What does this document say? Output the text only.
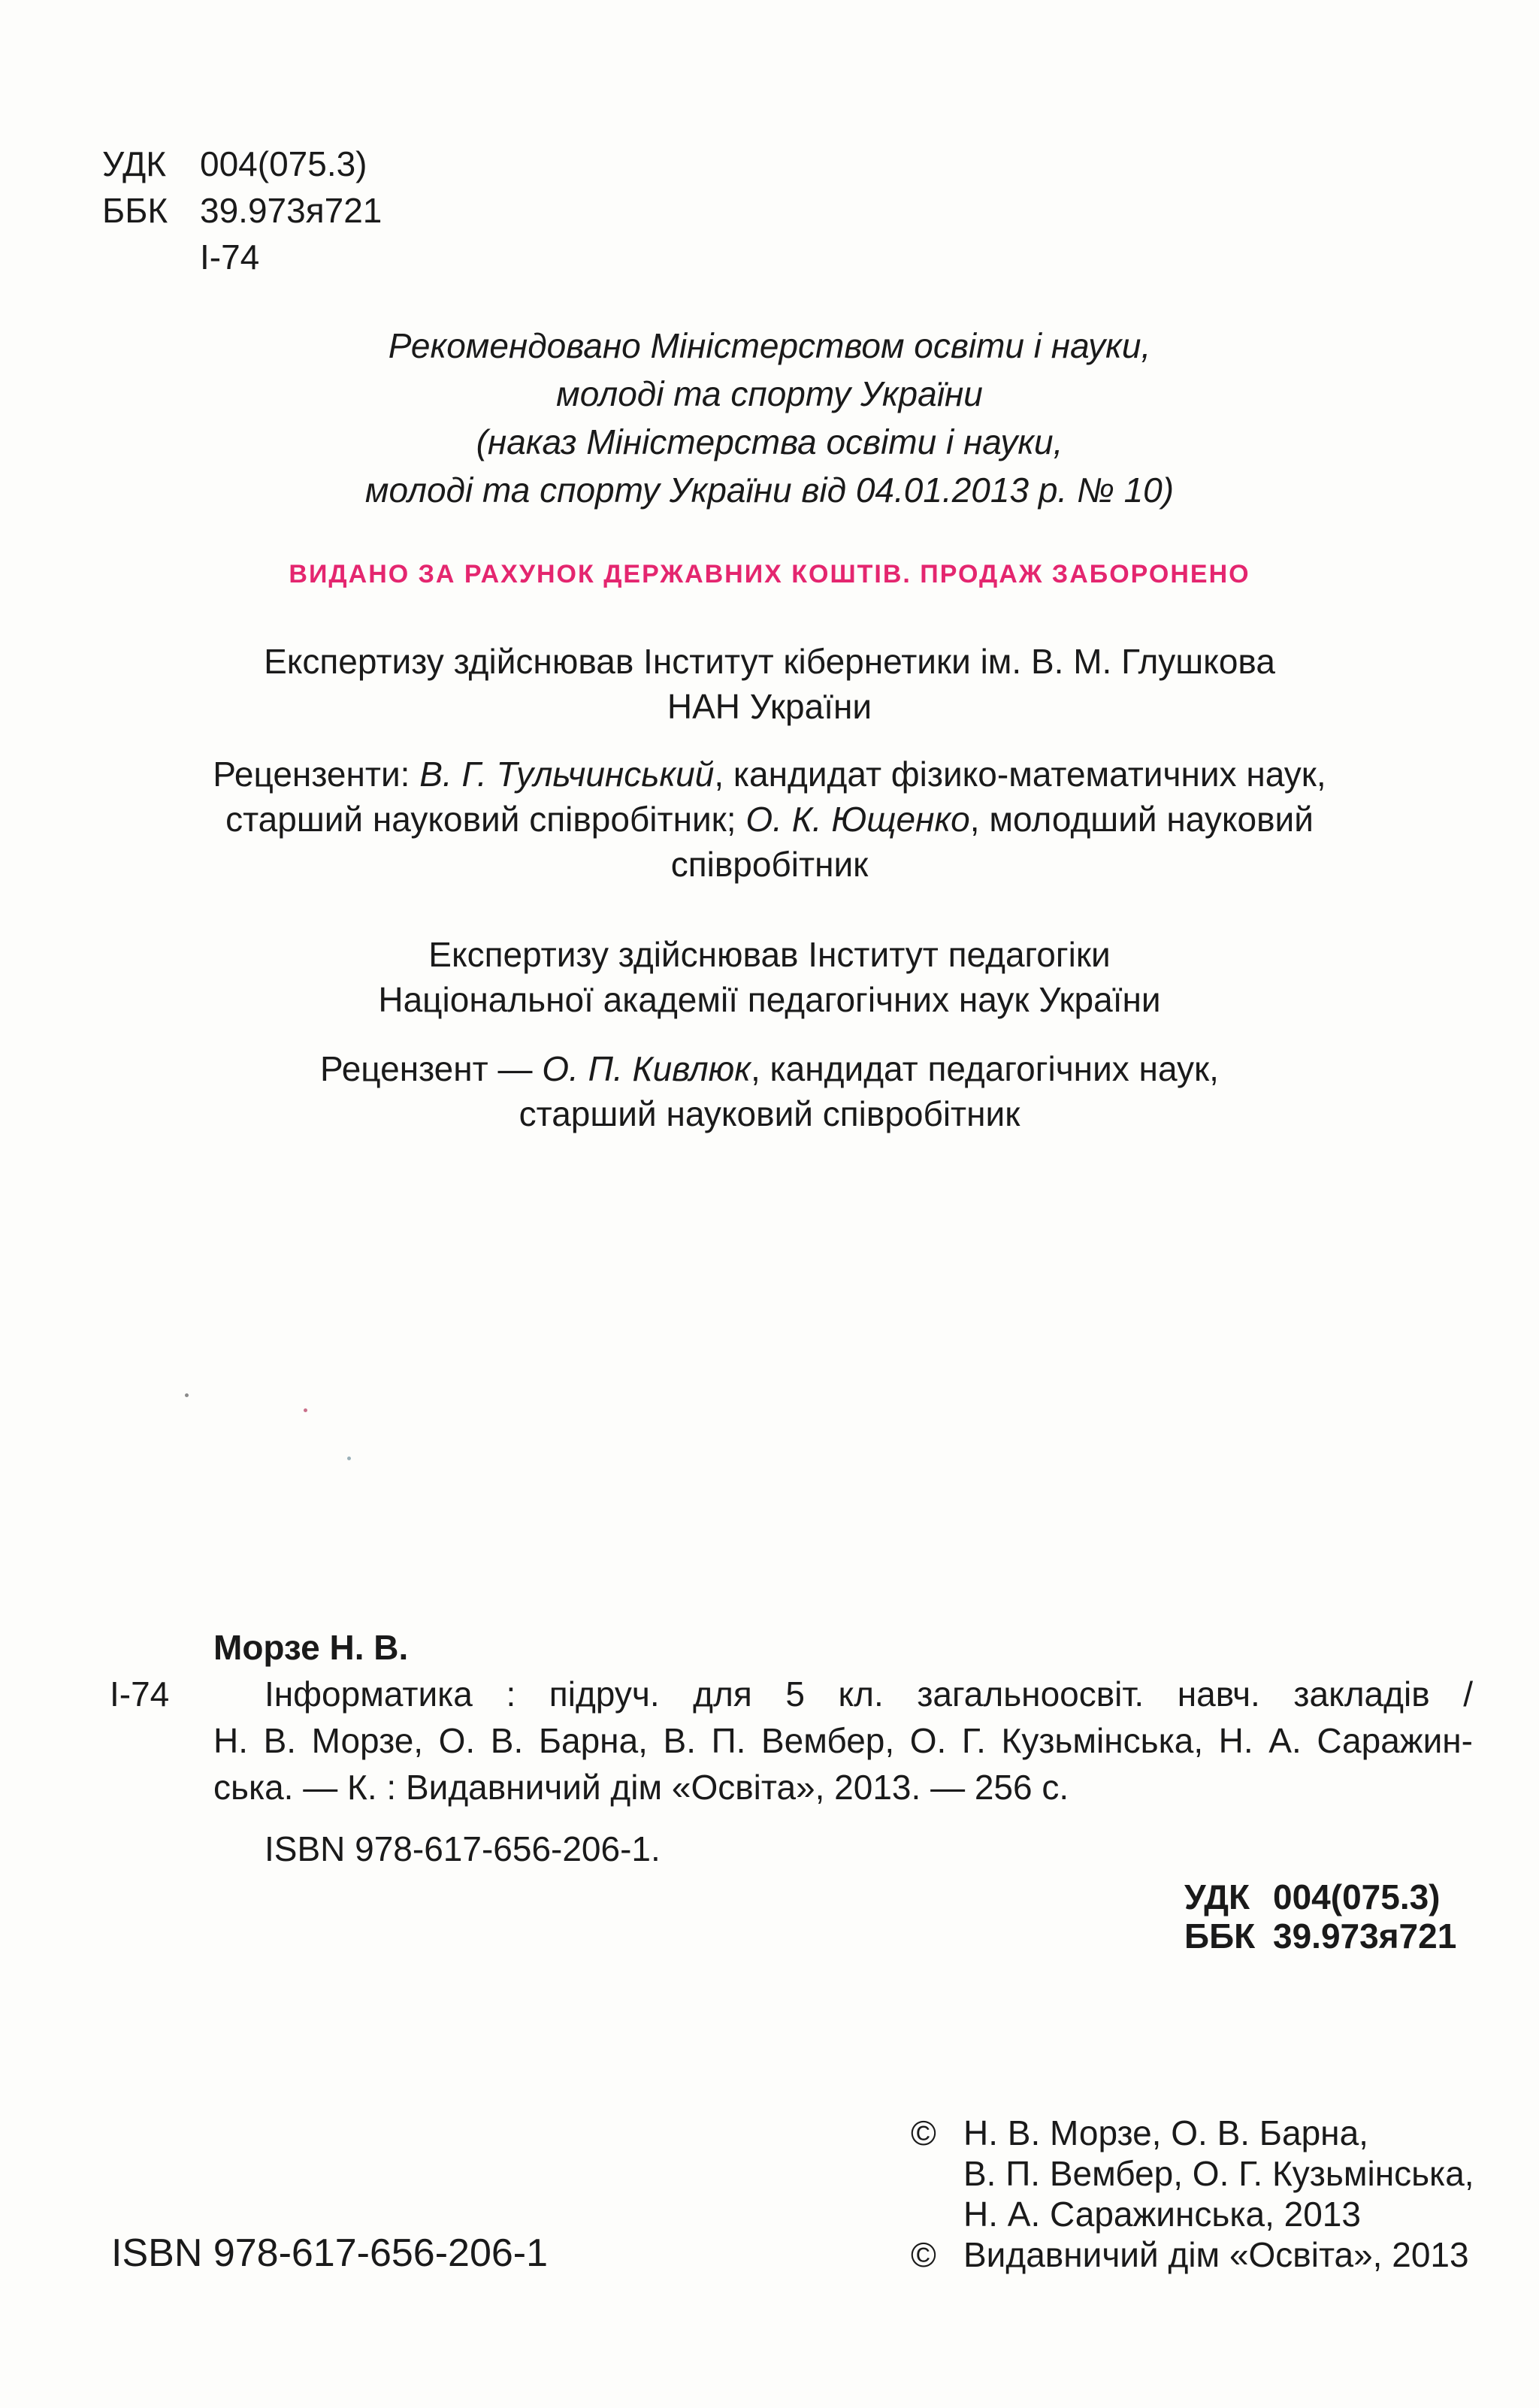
УДК 004(075.3)
ББК 39.973я721
І-74
Рекомендовано Міністерством освіти і науки,
молоді та спорту України
(наказ Міністерства освіти і науки,
молоді та спорту України від 04.01.2013 р. № 10)
ВИДАНО ЗА РАХУНОК ДЕРЖАВНИХ КОШТІВ. ПРОДАЖ ЗАБОРОНЕНО
Експертизу здійснював Інститут кібернетики ім. В. М. Глушкова
НАН України
Рецензенти: В. Г. Тульчинський, кандидат фізико-математичних наук,
старший науковий співробітник; О. К. Ющенко, молодший науковий
співробітник
Експертизу здійснював Інститут педагогіки
Національної академії педагогічних наук України
Рецензент — О. П. Кивлюк, кандидат педагогічних наук,
старший науковий співробітник
Морзе Н. В.
І-74	Інформатика : підруч. для 5 кл. загальноосвіт. навч. закладів /
Н. В. Морзе, О. В. Барна, В. П. Вембер, О. Г. Кузьмінська, Н. А. Саражин-
ська. — К. : Видавничий дім «Освіта», 2013. — 256 с.
ISBN 978-617-656-206-1.
УДК 004(075.3)
ББК 39.973я721
ISBN 978-617-656-206-1
© Н. В. Морзе, О. В. Барна,
В. П. Вембер, О. Г. Кузьмінська,
Н. А. Саражинська, 2013
© Видавничий дім «Освіта», 2013
